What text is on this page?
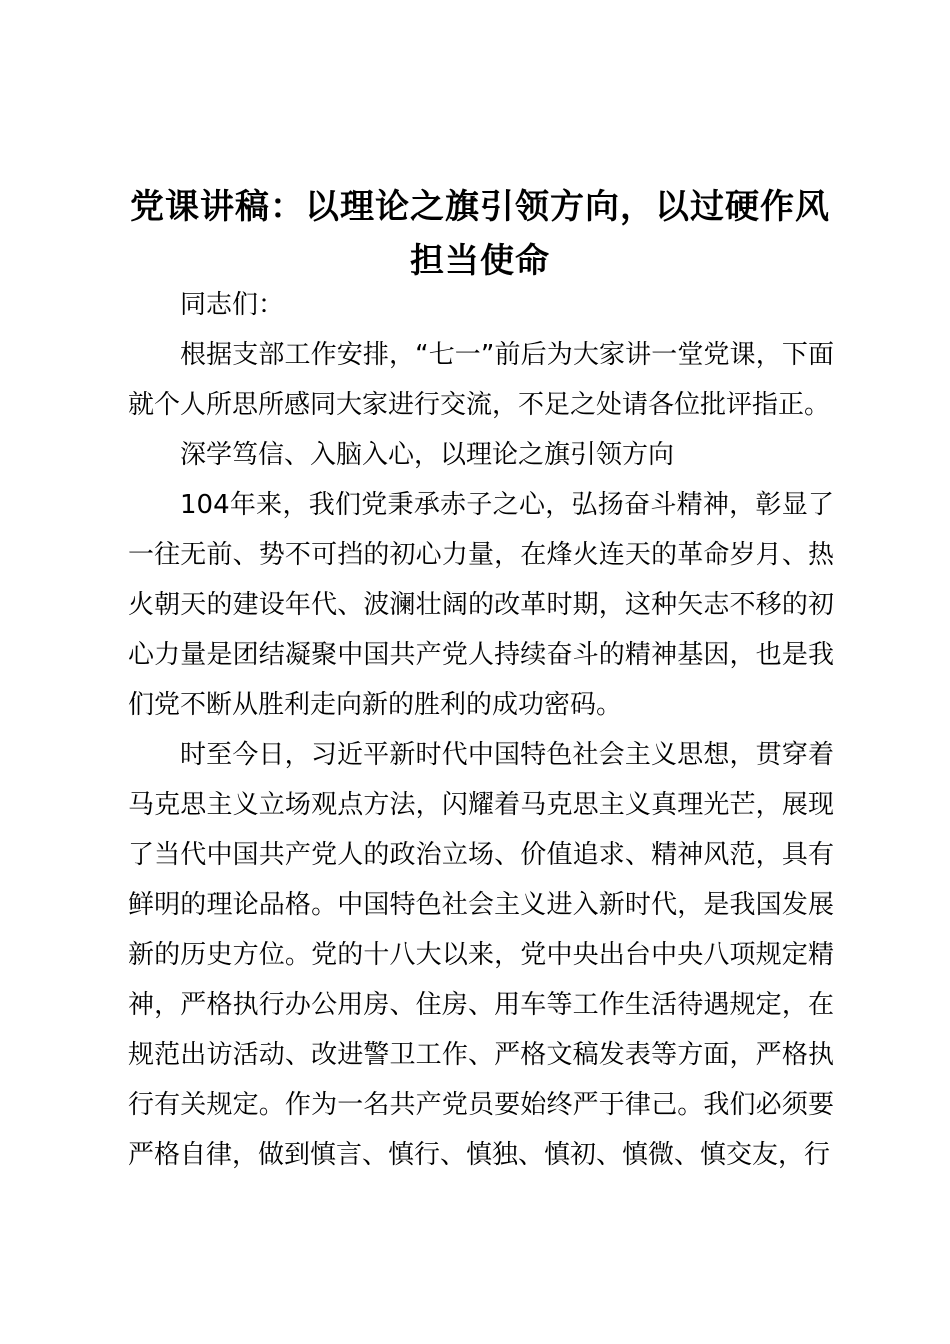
党课讲稿：以理论之旗引领方向，以过硬作风担当使命

同志们：

根据支部工作安排，“七一”前后为大家讲一堂党课，下面就个人所思所感同大家进行交流，不足之处请各位批评指正。

深学笃信、入脑入心，以理论之旗引领方向

104年来，我们党秉承赤子之心，弘扬奋斗精神，彰显了一往无前、势不可挡的初心力量，在烽火连天的革命岁月、热火朝天的建设年代、波澜壮阔的改革时期，这种矢志不移的初心力量是团结凝聚中国共产党人持续奋斗的精神基因，也是我们党不断从胜利走向新的胜利的成功密码。

时至今日，习近平新时代中国特色社会主义思想，贯穿着马克思主义立场观点方法，闪耀着马克思主义真理光芒，展现了当代中国共产党人的政治立场、价值追求、精神风范，具有鲜明的理论品格。中国特色社会主义进入新时代，是我国发展新的历史方位。党的十八大以来，党中央出台中央八项规定精神，严格执行办公用房、住房、用车等工作生活待遇规定，在规范出访活动、改进警卫工作、严格文稿发表等方面，严格执行有关规定。作为一名共产党员要始终严于律己。我们必须要严格自律，做到慎言、慎行、慎独、慎初、慎微、慎交友，行
